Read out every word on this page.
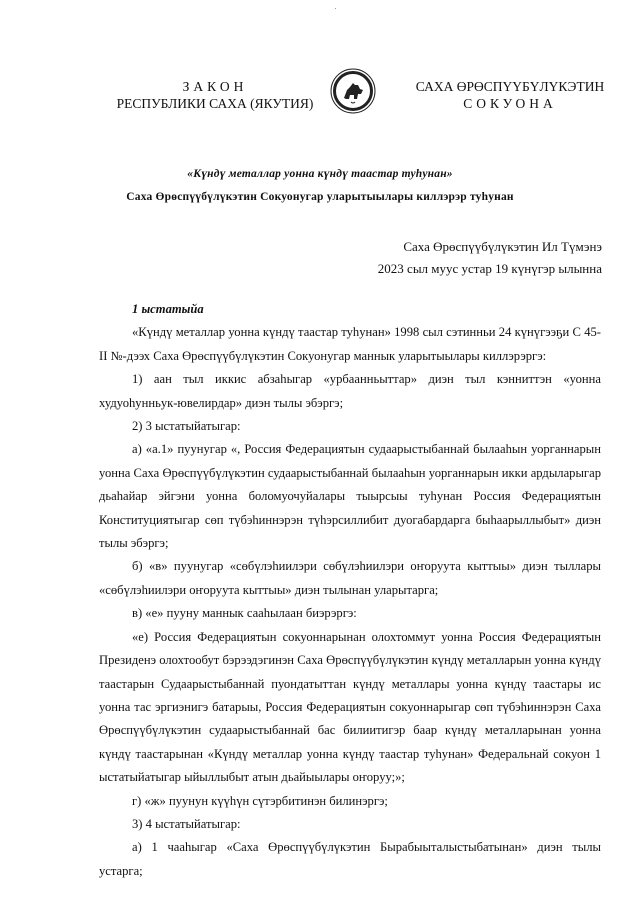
ЗАКОН
РЕСПУБЛИКИ САХА (ЯКУТИЯ)
САХА ӨРӨСПҮҮБҮЛҮКЭТИН
СОКУОНА
«Күндү металлар уонна күндү таастар туһунан»
Саха Өрөспүүбүлүкэтин Сокуонугар уларытыылары киллэрэр туһунан
Саха Өрөспүүбүлүкэтин Ил Түмэнэ
2023 сыл муус устар 19 күнүгэр ылынна

1 ыстатыйа

«Күндү металлар уонна күндү таастар туһунан» 1998 сыл сэтинньи 24 күнүгээҕи С 45-II №-дээх Саха Өрөспүүбүлүкэтин Сокуонугар маннык уларытыылары киллэрэргэ:

1) аан тыл иккис абзаһыгар «урбаанньыттар» диэн тыл кэнниттэн «уонна худуоһунньук-ювелирдар» диэн тылы эбэргэ;

2) 3 ыстатыйатыгар:

а) «а.1» пуунугар «, Россия Федерациятын судаарыстыбаннай былааһын уорганнарын уонна Саха Өрөспүүбүлүкэтин судаарыстыбаннай былааһын уорганнарын икки ардыларыгар дьаһайар эйгэни уонна боломуочуйалары тыырсыы туһунан Россия Федерациятын Конституциятыгар сөп түбэһиннэрэн түһэрсиллибит дуогабардарга быһаарыллыбыт» диэн тылы эбэргэ;

б) «в» пуунугар «сөбүлэһиилэри сөбүлэһиилэри оҥоруута кыттыы» диэн тыллары «сөбүлэһиилэри оҥоруута кыттыы» диэн тылынан уларытарга;

в) «е» пууну маннык сааһылаан биэрэргэ:

«е) Россия Федерациятын сокуоннарынан олохтоммут уонна Россия Федерациятын Президенэ олохтообут бэрээдэгинэн Саха Өрөспүүбүлүкэтин күндү металларын уонна күндү таастарын Судаарыстыбаннай пуондатыттан күндү металлары уонна күндү таастары ис уонна тас эргиэнигэ батарыы, Россия Федерациятын сокуоннарыгар сөп түбэһиннэрэн Саха Өрөспүүбүлүкэтин судаарыстыбаннай бас билиитигэр баар күндү металларынан уонна күндү таастарынан «Күндү металлар уонна күндү таастар туһунан» Федеральнай сокуон 1 ыстатыйатыгар ыйыллыбыт атын дьайыылары оҥоруу;»;

г) «ж» пуунун күүһүн сүтэрбитинэн билинэргэ;

3) 4 ыстатыйатыгар:

а) 1 чааһыгар «Саха Өрөспүүбүлүкэтин Бырабыыталыстыбатынан» диэн тылы устарга;
